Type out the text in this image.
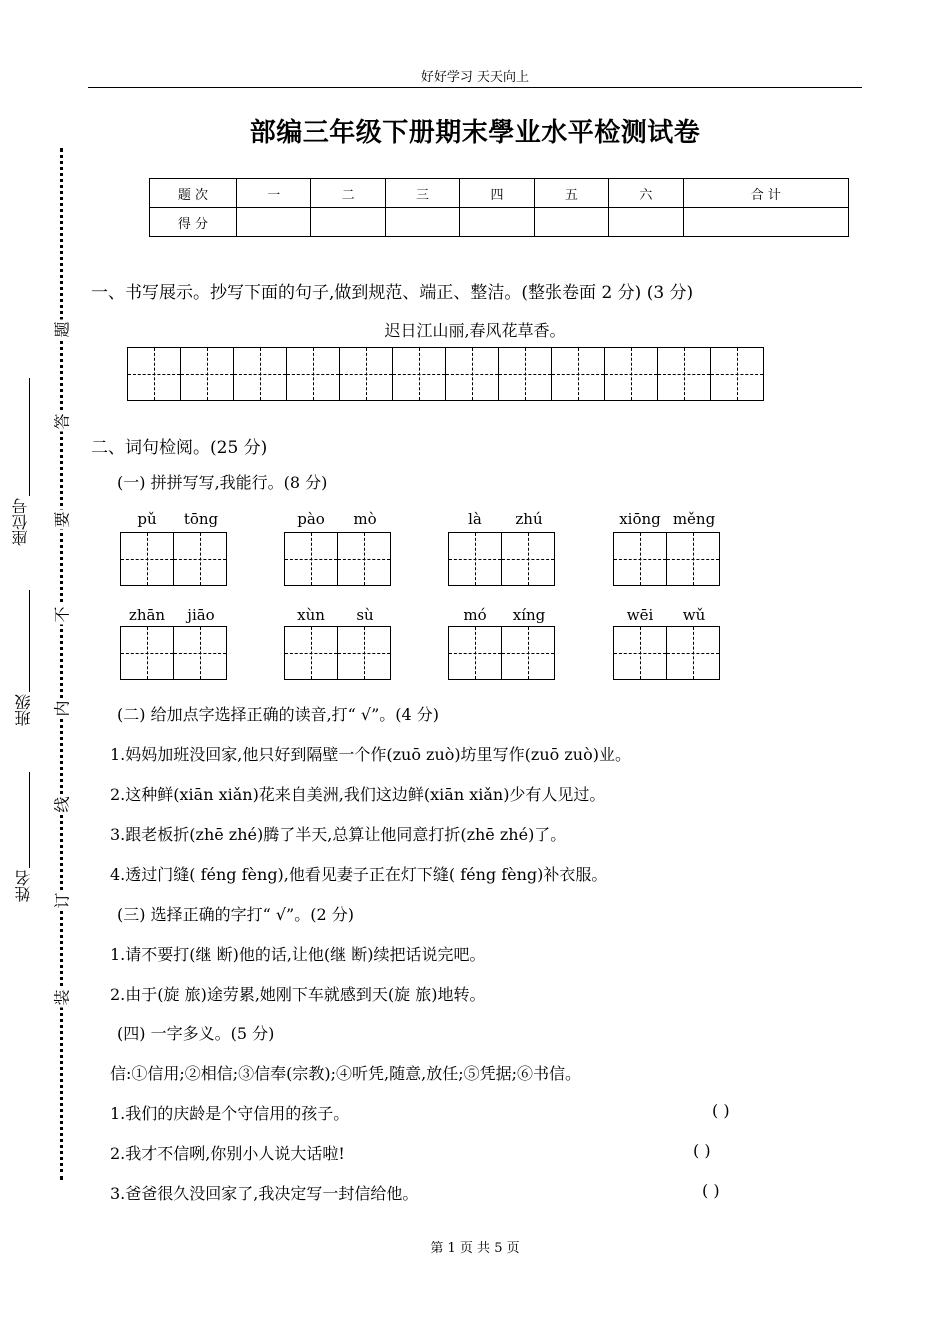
好好学习 天天向上
部编三年级下册期末學业水平检测试卷
题 次	一	二	三	四	五	六	合 计
得 分							
题
答
要
不
内
线
订
装
座位号
班级
姓名
一、书写展示。抄写下面的句子,做到规范、端正、整洁。(整张卷面 2 分) (3 分)
迟日江山丽,春风花草香。
二、词句检阅。(25 分)
(一) 拼拼写写,我能行。(8 分)
pǔ tōng	pào mò	là zhú	xiōng měng
zhān jiāo	xùn sù	mó xíng	wēi wǔ
(二) 给加点字选择正确的读音,打“ √”。(4 分)
1.妈妈加班没回家,他只好到隔壁一个作(zuō zuò)坊里写作(zuō zuò)业。
2.这种鲜(xiān xiǎn)花来自美洲,我们这边鲜(xiān xiǎn)少有人见过。
3.跟老板折(zhē zhé)腾了半天,总算让他同意打折(zhē zhé)了。
4.透过门缝( féng fèng),他看见妻子正在灯下缝( féng fèng)补衣服。
(三) 选择正确的字打“ √”。(2 分)
1.请不要打(继 断)他的话,让他(继 断)续把话说完吧。
2.由于(旋 旅)途劳累,她刚下车就感到天(旋 旅)地转。
(四) 一字多义。(5 分)
信:①信用;②相信;③信奉(宗教);④听凭,随意,放任;⑤凭据;⑥书信。
1.我们的庆龄是个守信用的孩子。	( )
2.我才不信咧,你别小人说大话啦!	( )
3.爸爸很久没回家了,我决定写一封信给他。	( )
第 1 页 共 5 页
